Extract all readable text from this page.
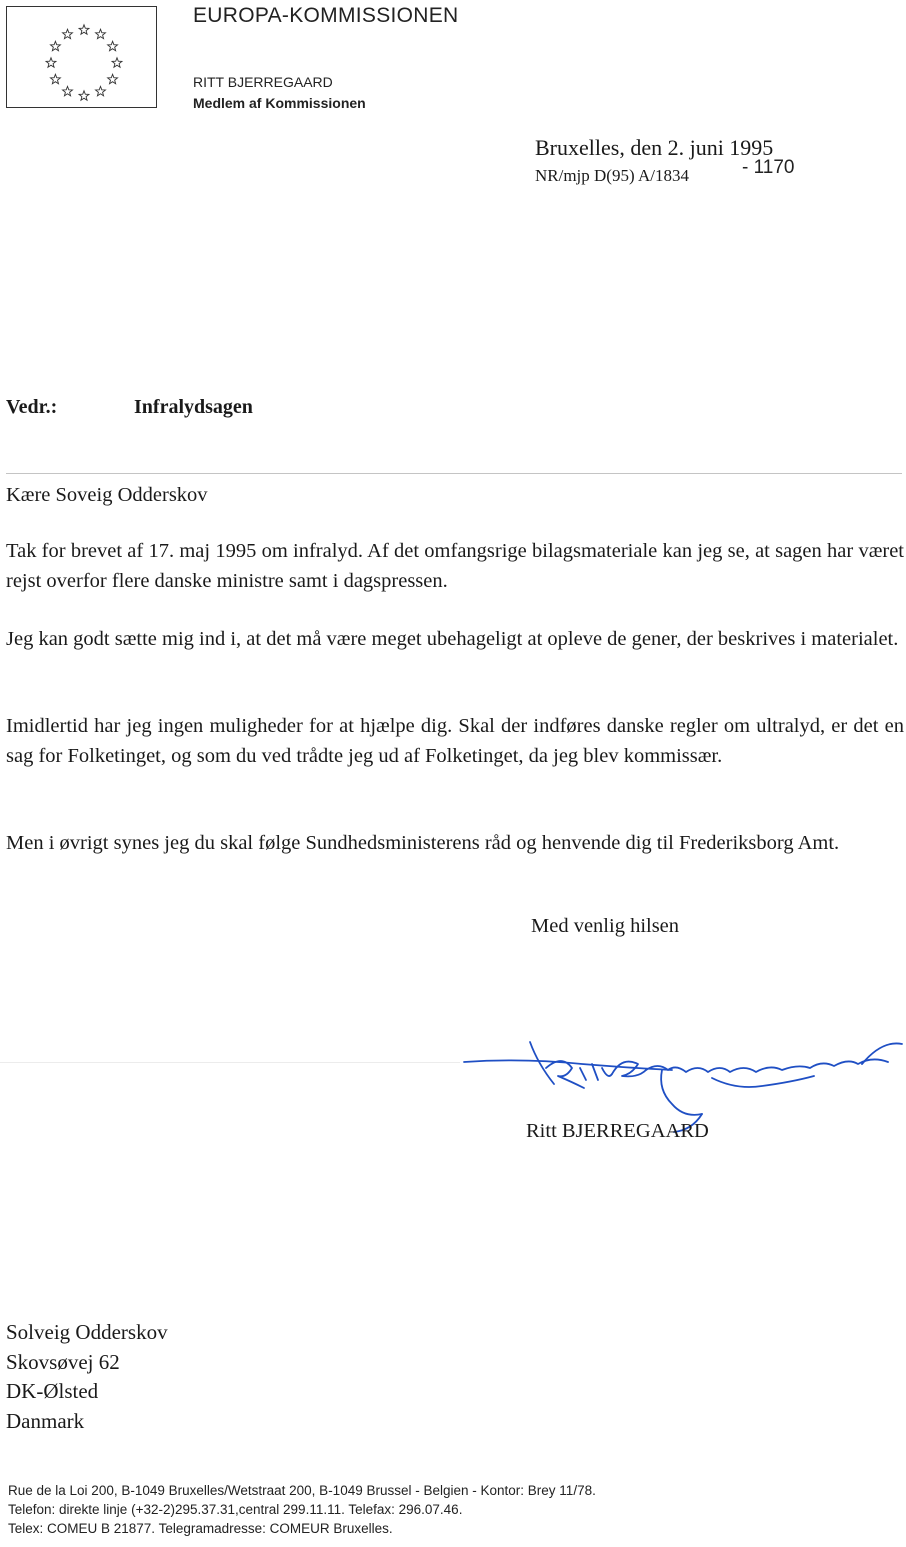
EUROPA-KOMMISSIONEN
RITT BJERREGAARD
Medlem af Kommissionen
Bruxelles, den 2. juni 1995
NR/mjp D(95) A/1834	- 1170
Vedr.:	Infralydsagen
Kære Soveig Odderskov
Tak for brevet af 17. maj 1995 om infralyd. Af det omfangsrige bilagsmateriale kan jeg se, at sagen har været rejst overfor flere danske ministre samt i dagspressen.
Jeg kan godt sætte mig ind i, at det må være meget ubehageligt at opleve de gener, der beskrives i materialet.
Imidlertid har jeg ingen muligheder for at hjælpe dig. Skal der indføres danske regler om ultralyd, er det en sag for Folketinget, og som du ved trådte jeg ud af Folketinget, da jeg blev kommissær.
Men i øvrigt synes jeg du skal følge Sundhedsministerens råd og henvende dig til Frederiksborg Amt.
Med venlig hilsen
Ritt BJERREGAARD
Solveig Odderskov
Skovsøvej 62
DK-Ølsted
Danmark
Rue de la Loi 200, B-1049 Bruxelles/Wetstraat 200, B-1049 Brussel - Belgien - Kontor: Brey 11/78.
Telefon: direkte linje (+32-2)295.37.31,central 299.11.11. Telefax: 296.07.46.
Telex: COMEU B 21877. Telegramadresse: COMEUR Bruxelles.
